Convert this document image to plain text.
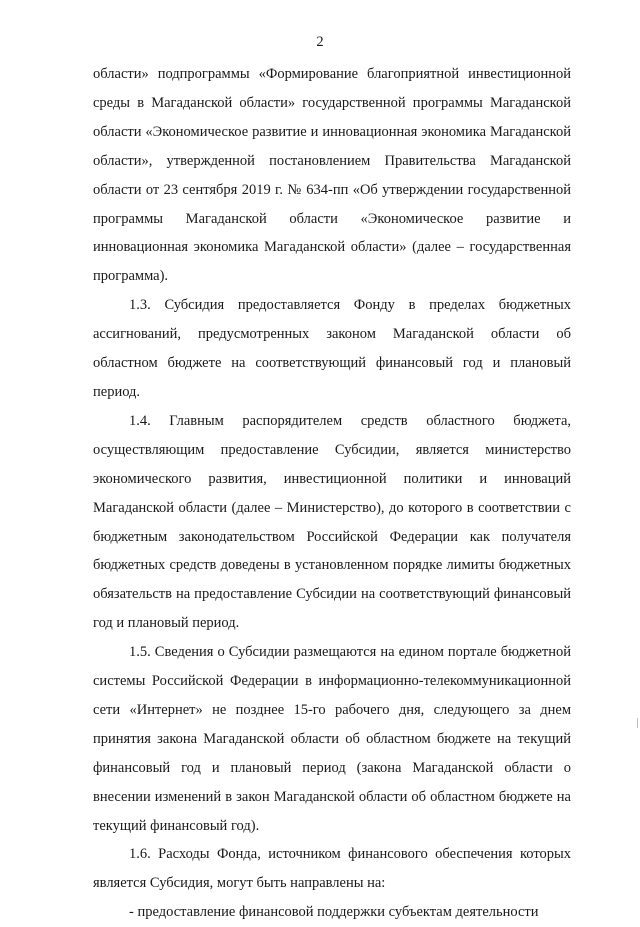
2

области» подпрограммы «Формирование благоприятной инвестиционной среды в Магаданской области» государственной программы Магаданской области «Экономическое развитие и инновационная экономика Магаданской области», утвержденной постановлением Правительства Магаданской области от 23 сентября 2019 г. № 634-пп «Об утверждении государственной программы Магаданской области «Экономическое развитие и инновационная экономика Магаданской области» (далее – государственная программа).

1.3. Субсидия предоставляется Фонду в пределах бюджетных ассигнований, предусмотренных законом Магаданской области об областном бюджете на соответствующий финансовый год и плановый период.

1.4. Главным распорядителем средств областного бюджета, осуществляющим предоставление Субсидии, является министерство экономического развития, инвестиционной политики и инноваций Магаданской области (далее – Министерство), до которого в соответствии с бюджетным законодательством Российской Федерации как получателя бюджетных средств доведены в установленном порядке лимиты бюджетных обязательств на предоставление Субсидии на соответствующий финансовый год и плановый период.

1.5. Сведения о Субсидии размещаются на едином портале бюджетной системы Российской Федерации в информационно-телекоммуникационной сети «Интернет» не позднее 15-го рабочего дня, следующего за днем принятия закона Магаданской области об областном бюджете на текущий финансовый год и плановый период (закона Магаданской области о внесении изменений в закон Магаданской области об областном бюджете на текущий финансовый год).

1.6. Расходы Фонда, источником финансового обеспечения которых является Субсидия, могут быть направлены на:

- предоставление финансовой поддержки субъектам деятельности
